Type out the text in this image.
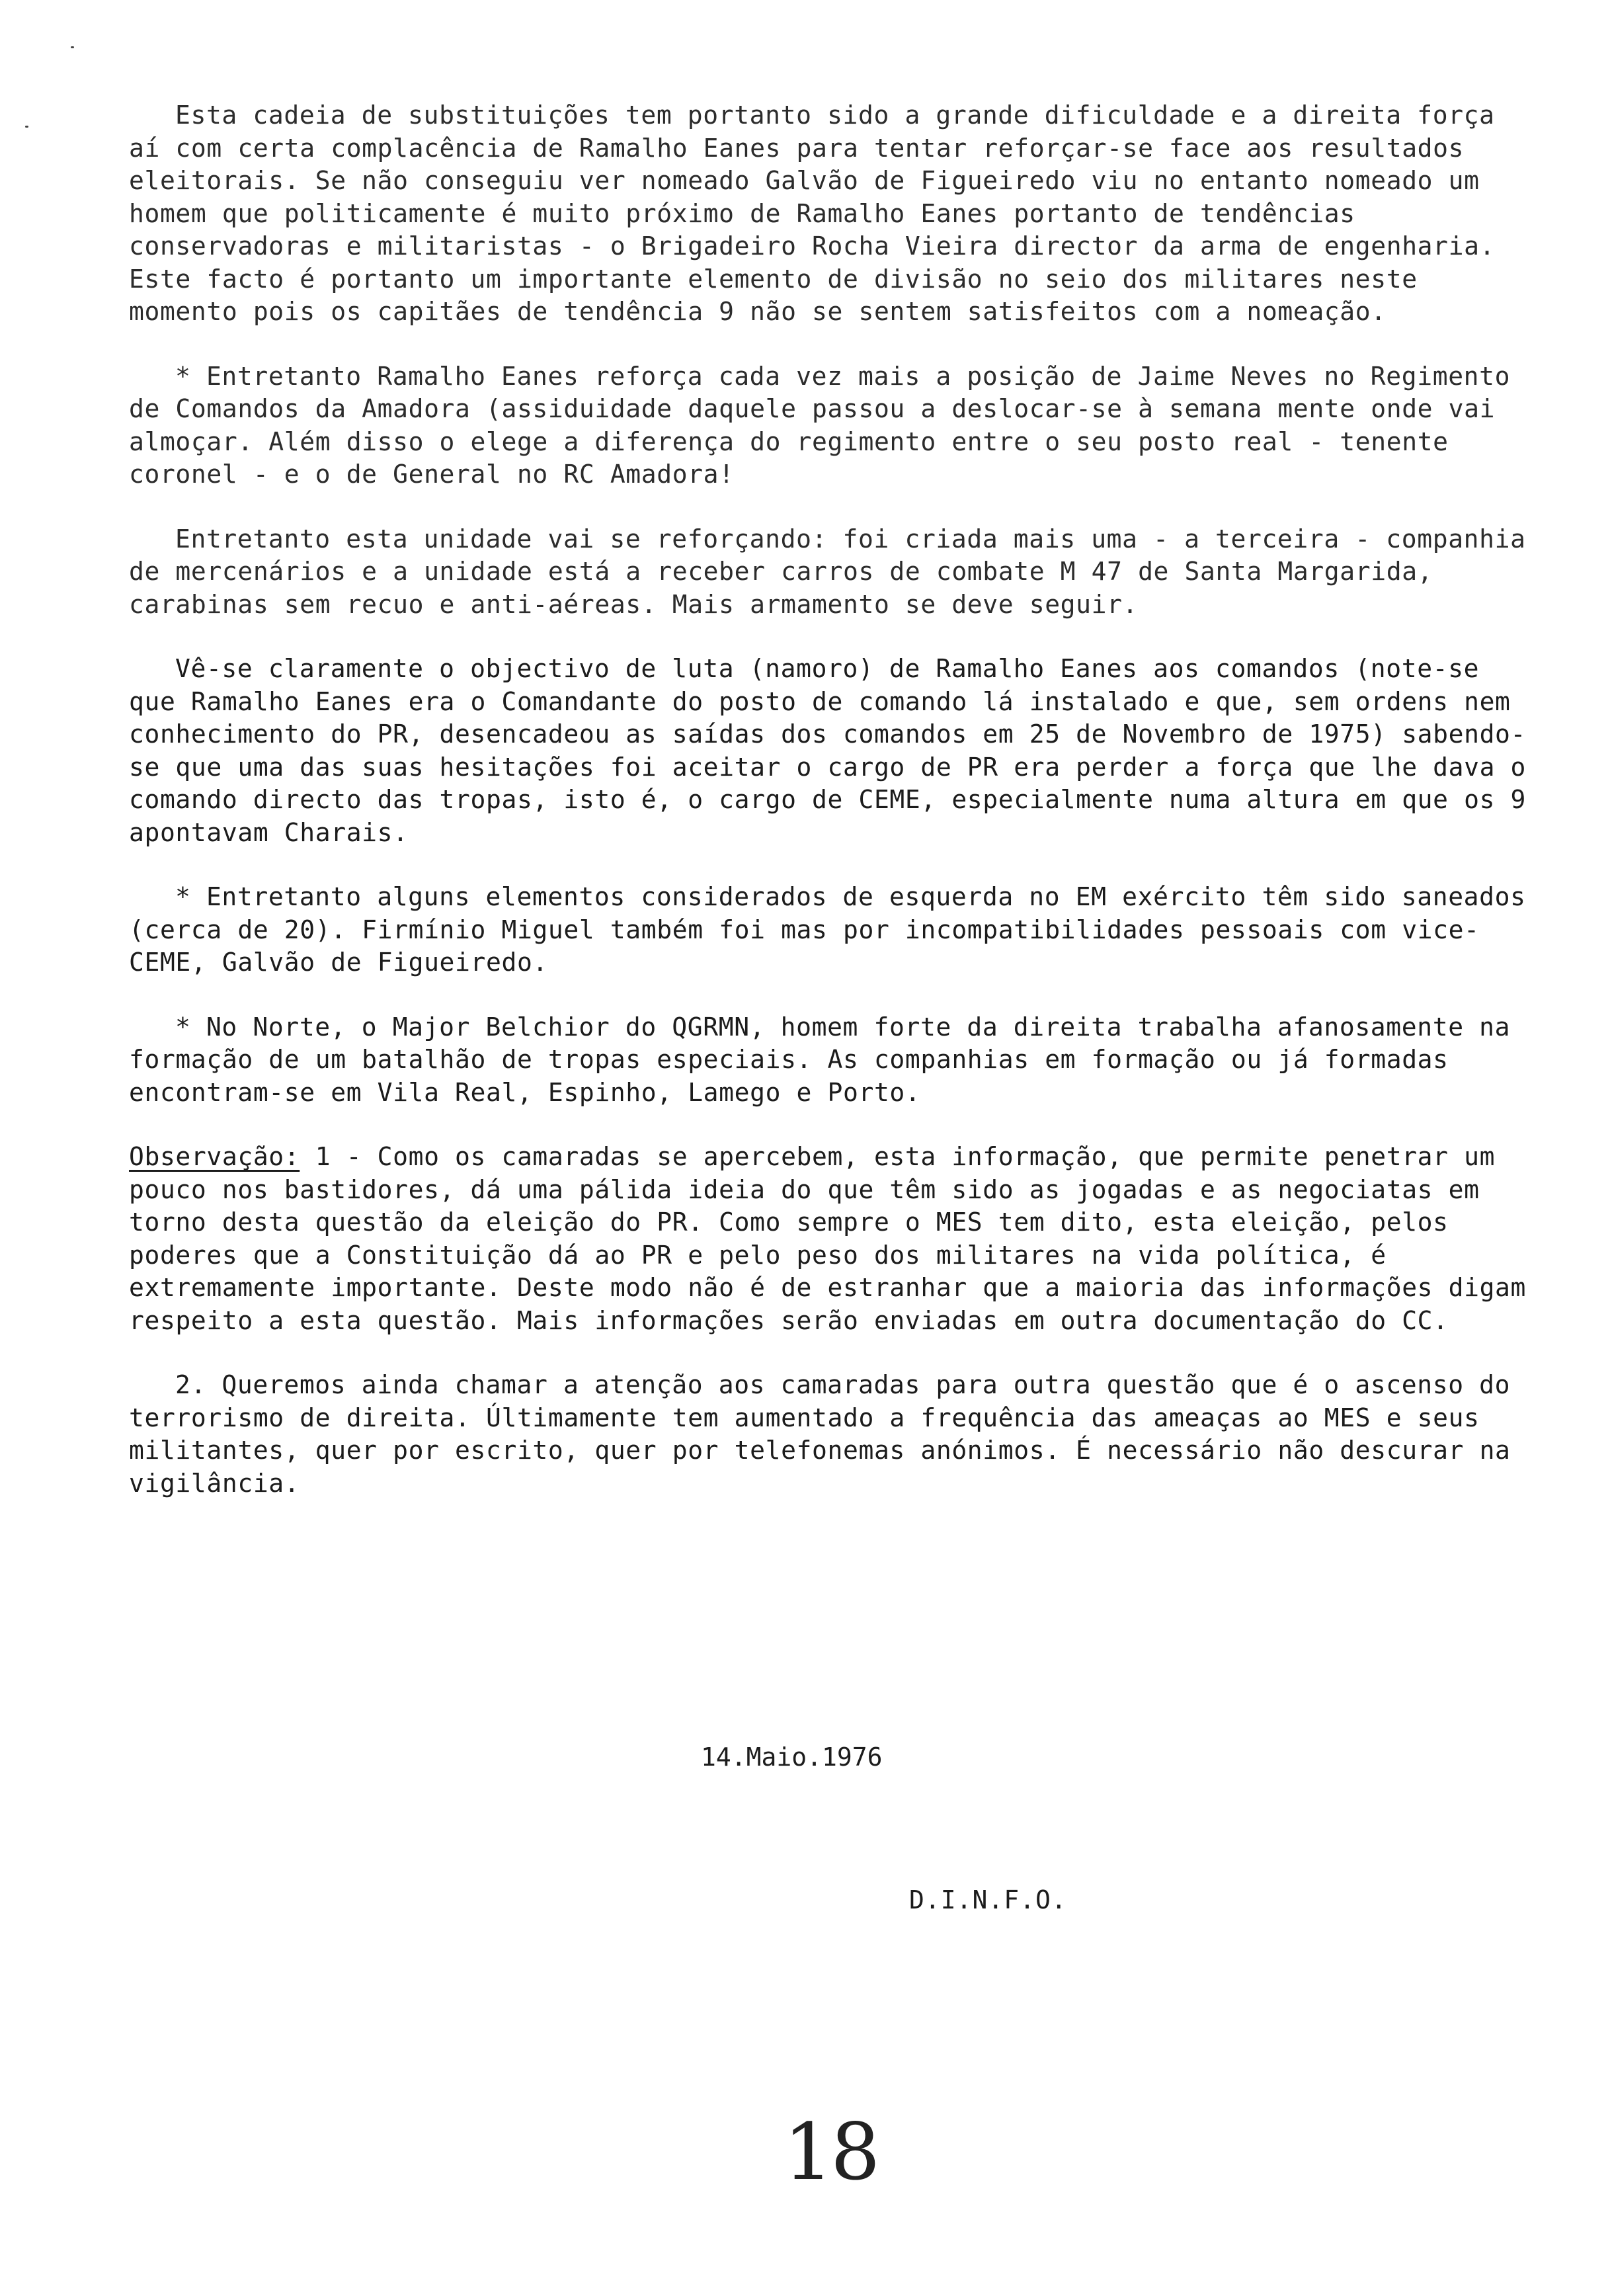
Esta cadeia de substituições tem portanto sido a grande dificuldade e a direita força aí com certa complacência de Ramalho Eanes para tentar reforçar-se face aos resultados eleitorais. Se não conseguiu ver nomeado Galvão de Figueiredo viu no entanto nomeado um homem que politicamente é muito próximo de Ramalho Eanes portanto de tendências conservadoras e militaristas - o Brigadeiro Rocha Vieira director da arma de engenharia. Este facto é portanto um importante elemento de divisão no seio dos militares neste momento pois os capitães de tendência 9 não se sentem satisfeitos com a nomeação.

* Entretanto Ramalho Eanes reforça cada vez mais a posição de Jaime Neves no Regimento de Comandos da Amadora (assiduidade daquele passou a deslocar-se à semana mente onde vai almoçar. Além disso o elege a diferença do regimento entre o seu posto real - tenente coronel - e o de General no RC Amadora!

Entretanto esta unidade vai se reforçando: foi criada mais uma - a terceira - companhia de mercenários e a unidade está a receber carros de combate M 47 de Santa Margarida, carabinas sem recuo e anti-aéreas. Mais armamento se deve seguir.

Vê-se claramente o objectivo de luta (namoro) de Ramalho Eanes aos comandos (note-se que Ramalho Eanes era o Comandante do posto de comando lá instalado e que, sem ordens nem conhecimento do PR, desencadeou as saídas dos comandos em 25 de Novembro de 1975) sabendo-se que uma das suas hesitações foi aceitar o cargo de PR era perder a força que lhe dava o comando directo das tropas, isto é, o cargo de CEME, especialmente numa altura em que os 9 apontavam Charais.

* Entretanto alguns elementos considerados de esquerda no EM exército têm sido saneados (cerca de 20). Firmínio Miguel também foi mas por incompatibilidades pessoais com vice-CEME, Galvão de Figueiredo.

* No Norte, o Major Belchior do QGRMN, homem forte da direita trabalha afanosamente na formação de um batalhão de tropas especiais. As companhias em formação ou já formadas encontram-se em Vila Real, Espinho, Lamego e Porto.

Observação: 1 - Como os camaradas se apercebem, esta informação, que permite penetrar um pouco nos bastidores, dá uma pálida ideia do que têm sido as jogadas e as negociatas em torno desta questão da eleição do PR. Como sempre o MES tem dito, esta eleição, pelos poderes que a Constituição dá ao PR e pelo peso dos militares na vida política, é extremamente importante. Deste modo não é de estranhar que a maioria das informações digam respeito a esta questão. Mais informações serão enviadas em outra documentação do CC.

2. Queremos ainda chamar a atenção aos camaradas para outra questão que é o ascenso do terrorismo de direita. Últimamente tem aumentado a frequência das ameaças ao MES e seus militantes, quer por escrito, quer por telefonemas anónimos. É necessário não descurar na vigilância.

14.Maio.1976
D.I.N.F.O.
18
